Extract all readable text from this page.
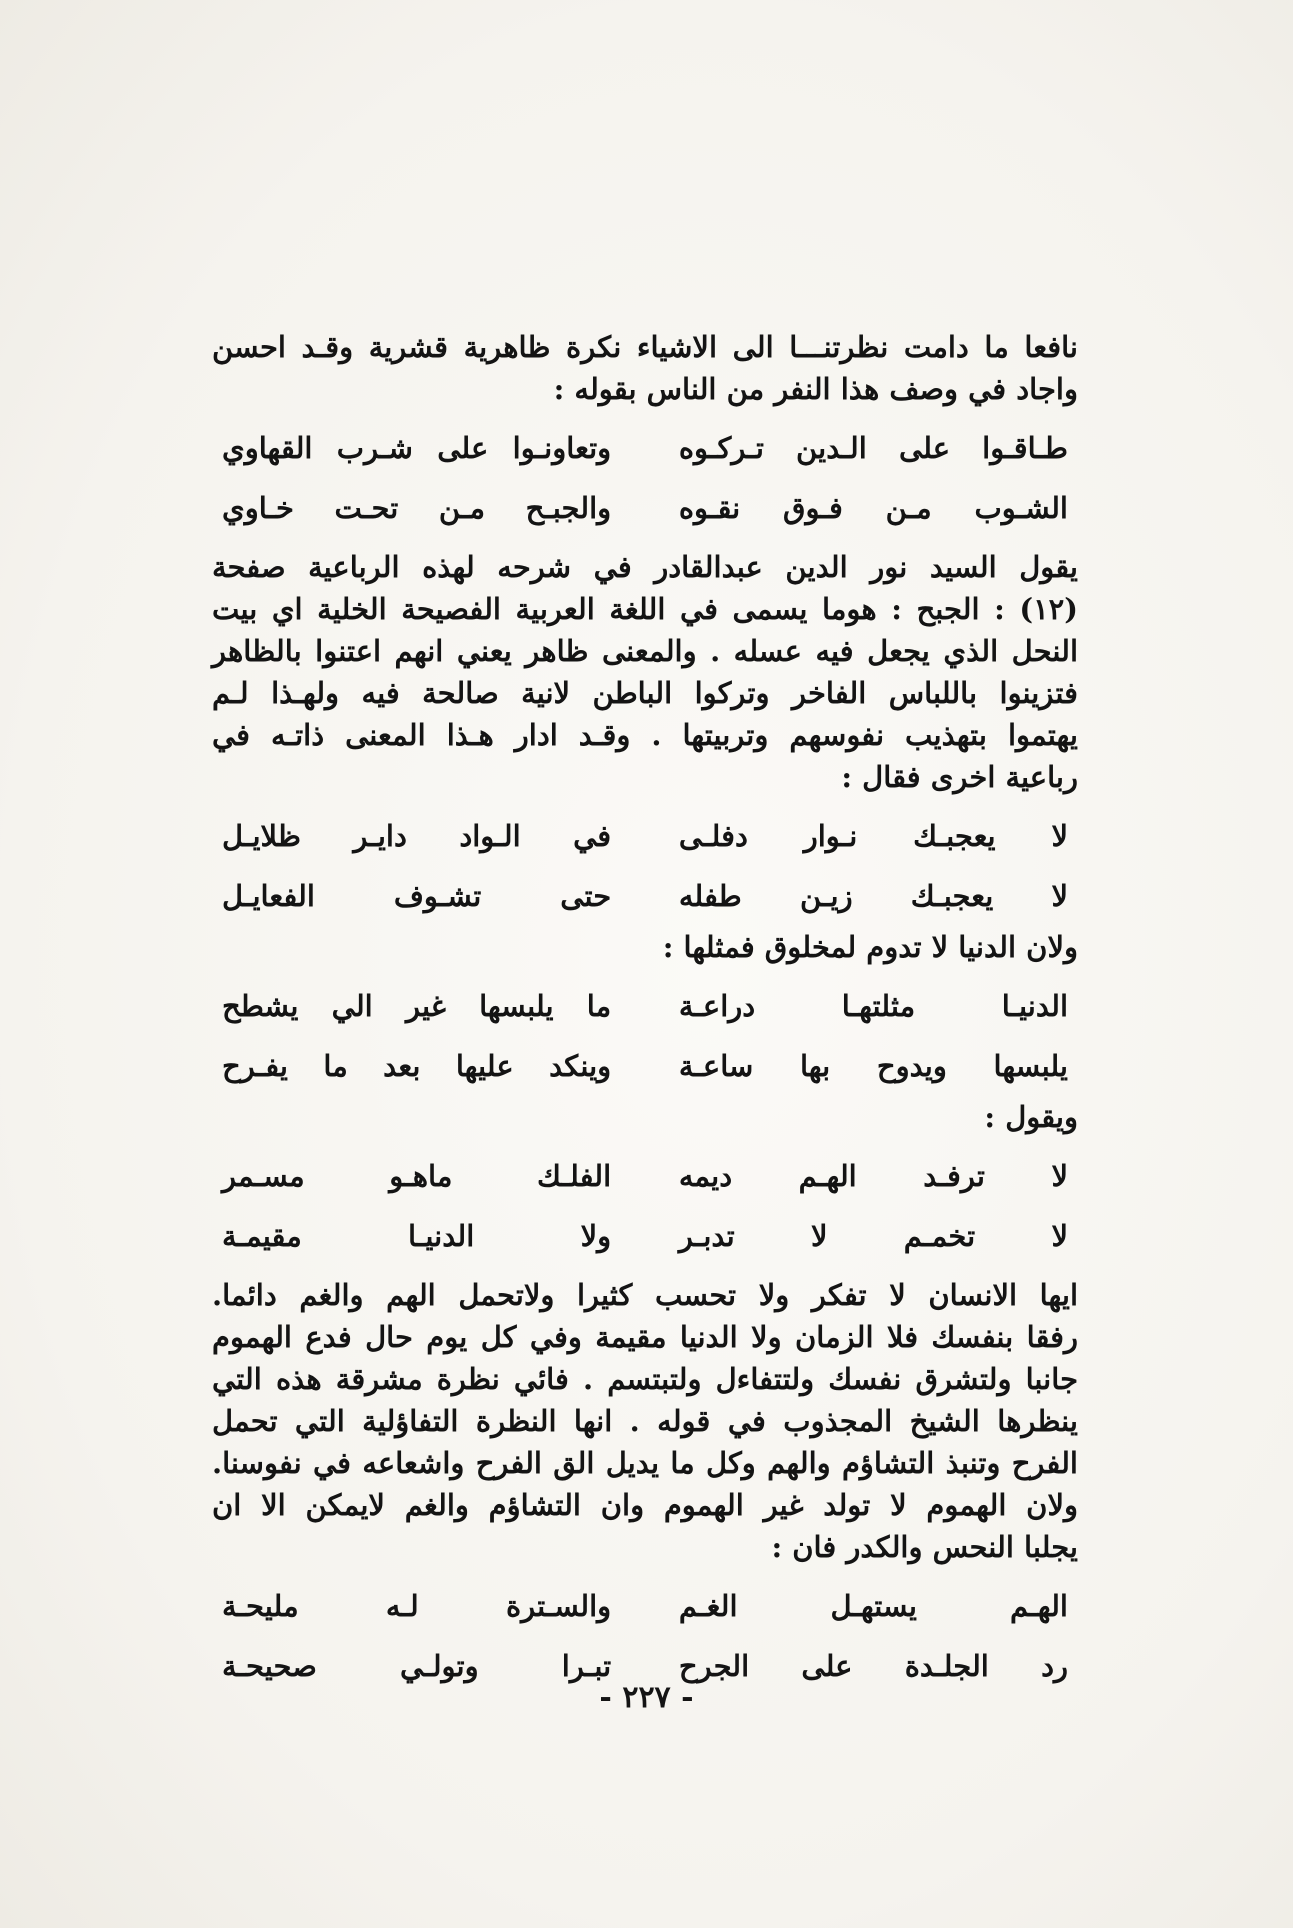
نافعا ما دامت نظرتنـــا الى الاشياء نكرة ظاهرية قشرية وقـد احسن
واجاد في وصف هذا النفر من الناس بقوله :
طـاقـوا على الـدين تـركـوه
وتعاونـوا على شـرب القهاوي
الشـوب مـن فـوق نقـوه
والجبـح مـن تحـت خـاوي
يقول السيد نور الدين عبدالقادر في شرحه لهذه الرباعية صفحة
(١٢) : الجبح : هوما يسمى في اللغة العربية الفصيحة الخلية اي بيت
النحل الذي يجعل فيه عسله . والمعنى ظاهر يعني انهم اعتنوا بالظاهر
فتزينوا باللباس الفاخر وتركوا الباطن لانية صالحة فيه ولهـذا لـم
يهتموا بتهذيب نفوسهم وتربيتها . وقـد ادار هـذا المعنى ذاتـه في
رباعية اخرى فقال :
لا يعجبـك نـوار دفلـى
في الـواد دايـر ظلايـل
لا يعجبـك زيـن طفله
حتى تشـوف الفعايـل
ولان الدنيا لا تدوم لمخلوق فمثلها :
الدنيـا مثلتهـا دراعـة
ما يلبسها غير الي يشطح
يلبسها ويدوح بها ساعـة
وينكد عليها بعد ما يفـرح
ويقول :
لا ترفـد الهـم ديمه
الفلـك ماهـو مسـمر
لا تخمـم لا تدبـر
ولا الدنيـا مقيمـة
ايها الانسان لا تفكر ولا تحسب كثيرا ولاتحمل الهم والغم دائما.
رفقا بنفسك فلا الزمان ولا الدنيا مقيمة وفي كل يوم حال فدع الهموم
جانبا ولتشرق نفسك ولتتفاءل ولتبتسم . فائي نظرة مشرقة هذه التي
ينظرها الشيخ المجذوب في قوله . انها النظرة التفاؤلية التي تحمل
الفرح وتنبذ التشاؤم والهم وكل ما يديل الق الفرح واشعاعه في نفوسنا.
ولان الهموم لا تولد غير الهموم وان التشاؤم والغم لايمكن الا ان
يجلبا النحس والكدر فان :
الهـم يستهـل الغـم
والسـترة لـه مليحـة
رد الجلـدة على الجرح
تبـرا وتولـي صحيحـة
- ٢٢٧ -
